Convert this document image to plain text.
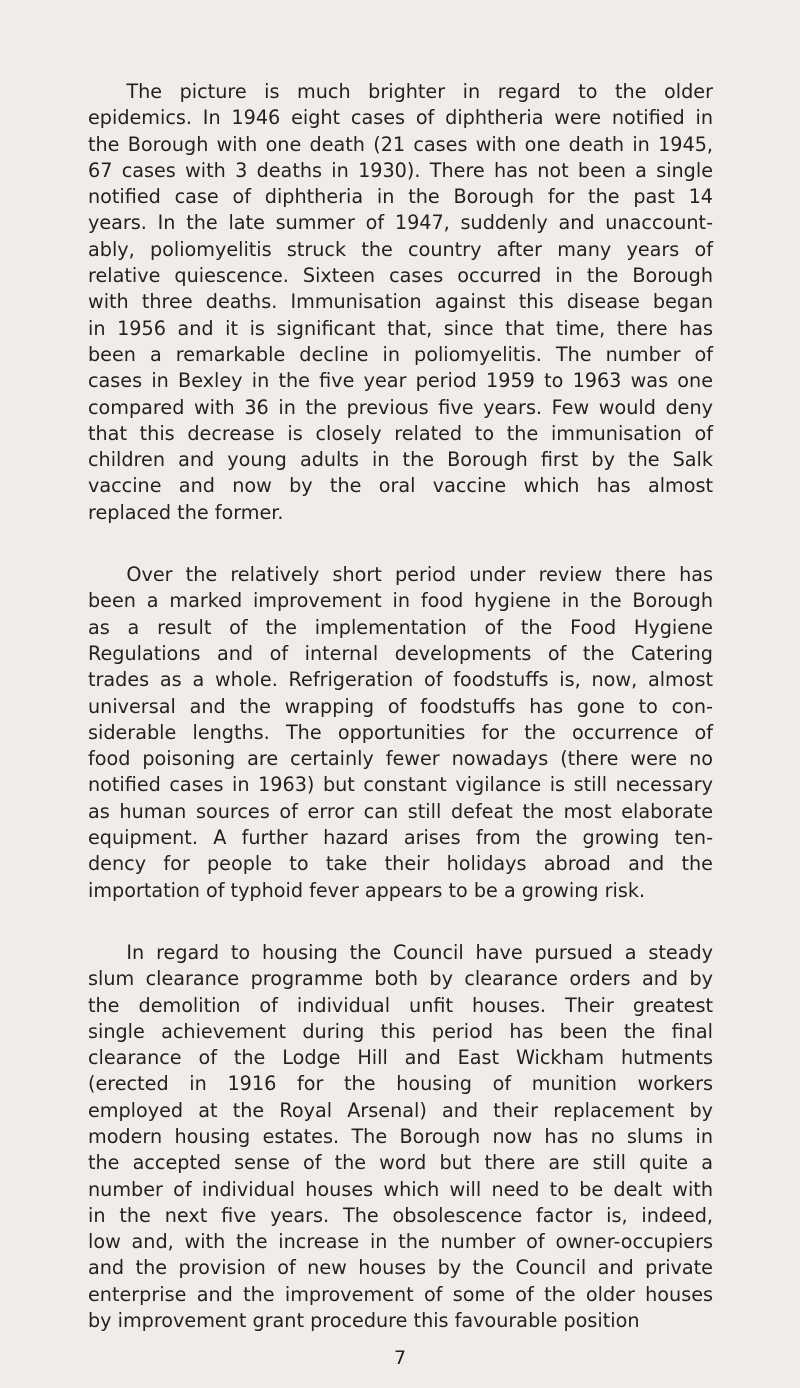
The picture is much brighter in regard to the older
epidemics. In 1946 eight cases of diphtheria were notified in
the Borough with one death (21 cases with one death in 1945,
67 cases with 3 deaths in 1930). There has not been a single
notified case of diphtheria in the Borough for the past 14
years. In the late summer of 1947, suddenly and unaccount-
ably, poliomyelitis struck the country after many years of
relative quiescence. Sixteen cases occurred in the Borough
with three deaths. Immunisation against this disease began
in 1956 and it is significant that, since that time, there has
been a remarkable decline in poliomyelitis. The number of
cases in Bexley in the five year period 1959 to 1963 was one
compared with 36 in the previous five years. Few would deny
that this decrease is closely related to the immunisation of
children and young adults in the Borough first by the Salk
vaccine and now by the oral vaccine which has almost
replaced the former.

Over the relatively short period under review there has
been a marked improvement in food hygiene in the Borough
as a result of the implementation of the Food Hygiene
Regulations and of internal developments of the Catering
trades as a whole. Refrigeration of foodstuffs is, now, almost
universal and the wrapping of foodstuffs has gone to con-
siderable lengths. The opportunities for the occurrence of
food poisoning are certainly fewer nowadays (there were no
notified cases in 1963) but constant vigilance is still necessary
as human sources of error can still defeat the most elaborate
equipment. A further hazard arises from the growing ten-
dency for people to take their holidays abroad and the
importation of typhoid fever appears to be a growing risk.

In regard to housing the Council have pursued a steady
slum clearance programme both by clearance orders and by
the demolition of individual unfit houses. Their greatest
single achievement during this period has been the final
clearance of the Lodge Hill and East Wickham hutments
(erected in 1916 for the housing of munition workers
employed at the Royal Arsenal) and their replacement by
modern housing estates. The Borough now has no slums in
the accepted sense of the word but there are still quite a
number of individual houses which will need to be dealt with
in the next five years. The obsolescence factor is, indeed,
low and, with the increase in the number of owner-occupiers
and the provision of new houses by the Council and private
enterprise and the improvement of some of the older houses
by improvement grant procedure this favourable position

7
